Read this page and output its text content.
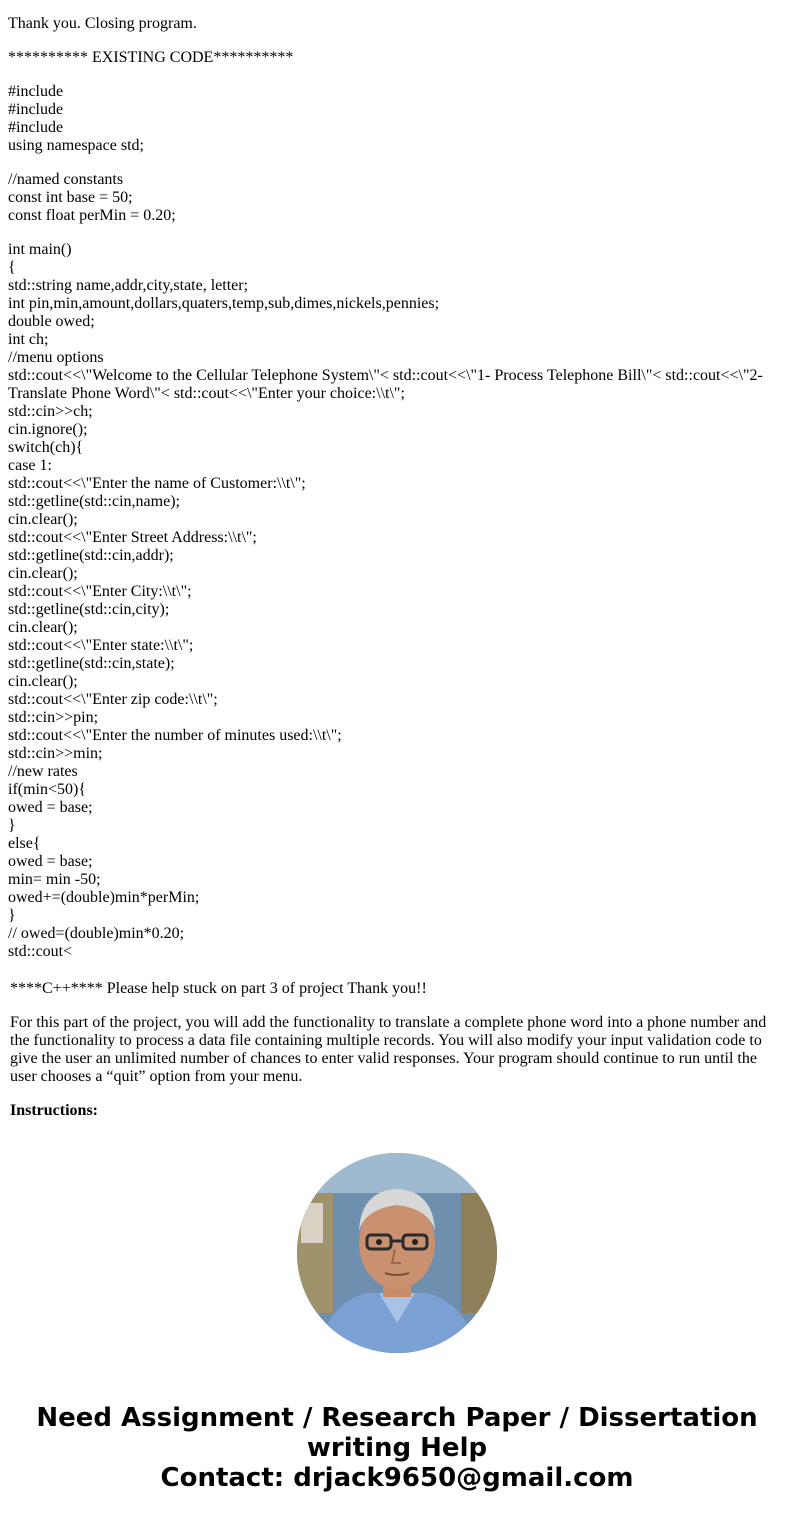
Thank you. Closing program.
********** EXISTING CODE**********
#include
#include
#include
using namespace std;
//named constants
const int base = 50;
const float perMin = 0.20;
int main()
{
std::string name,addr,city,state, letter;
int pin,min,amount,dollars,quaters,temp,sub,dimes,nickels,pennies;
double owed;
int ch;
//menu options
std::cout<<\"Welcome to the Cellular Telephone System\"< std::cout<<\"1- Process Telephone Bill\"< std::cout<<\"2-Translate Phone Word\"< std::cout<<\"Enter your choice:\\t\";
std::cin>>ch;
cin.ignore();
switch(ch){
case 1:
std::cout<<\"Enter the name of Customer:\\t\";
std::getline(std::cin,name);
cin.clear();
std::cout<<\"Enter Street Address:\\t\";
std::getline(std::cin,addr);
cin.clear();
std::cout<<\"Enter City:\\t\";
std::getline(std::cin,city);
cin.clear();
std::cout<<\"Enter state:\\t\";
std::getline(std::cin,state);
cin.clear();
std::cout<<\"Enter zip code:\\t\";
std::cin>>pin;
std::cout<<\"Enter the number of minutes used:\\t\";
std::cin>>min;
//new rates
if(min<50){
owed = base;
}
else{
owed = base;
min= min -50;
owed+=(double)min*perMin;
}
// owed=(double)min*0.20;
std::cout<
****C++**** Please help stuck on part 3 of project Thank you!!
For this part of the project, you will add the functionality to translate a complete phone word into a phone number and the functionality to process a data file containing multiple records. You will also modify your input validation code to give the user an unlimited number of chances to enter valid responses. Your program should continue to run until the user chooses a “quit” option from your menu.
Instructions:
Need Assignment / Research Paper / Dissertation
writing Help
Contact: drjack9650@gmail.com
